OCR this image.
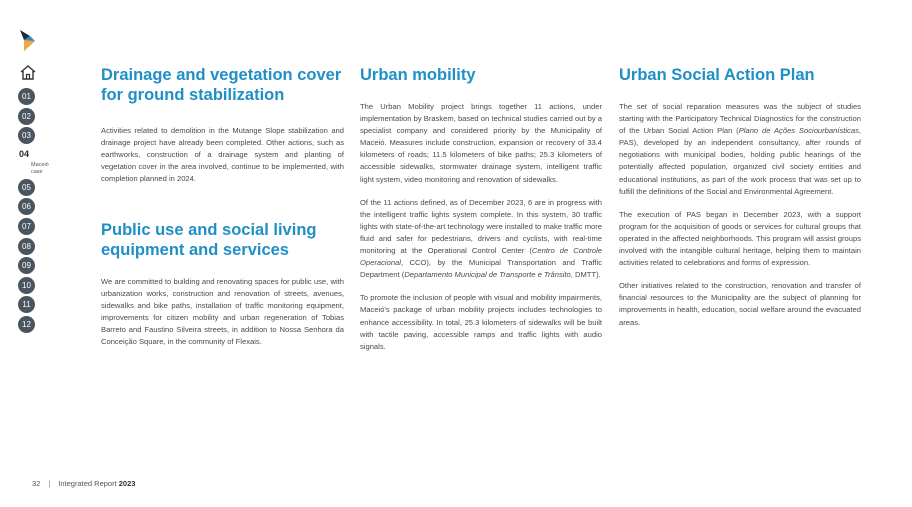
01
02
03
04
Maceió case
05
06
07
08
09
10
11
12
Drainage and vegetation cover for ground stabilization

Activities related to demolition in the Mutange Slope stabilization and drainage project have already been completed. Other actions, such as earthworks, construction of a drainage system and planting of vegetation cover in the area involved, continue to be implemented, with completion planned in 2024.

Public use and social living equipment and services

We are committed to building and renovating spaces for public use, with urbanization works, construction and renovation of streets, avenues, sidewalks and bike paths, installation of traffic monitoring equipment, improvements for citizen mobility and urban regeneration of Tobias Barreto and Faustino Silveira streets, in addition to Nossa Senhora da Conceição Square, in the community of Flexais.

Urban mobility

The Urban Mobility project brings together 11 actions, under implementation by Braskem, based on technical studies carried out by a specialist company and considered priority by the Municipality of Maceió. Measures include construction, expansion or recovery of 33.4 kilometers of roads; 11.5 kilometers of bike paths; 25.3 kilometers of accessible sidewalks, stormwater drainage system, intelligent traffic light system, video monitoring and renovation of sidewalks.

Of the 11 actions defined, as of December 2023, 6 are in progress with the intelligent traffic lights system complete. In this system, 30 traffic lights with state-of-the-art technology were installed to make traffic more fluid and safer for pedestrians, drivers and cyclists, with real-time monitoring at the Operational Control Center (Centro de Controle Operacional, CCO), by the Municipal Transportation and Traffic Department (Departamento Municipal de Transporte e Trânsito, DMTT).

To promote the inclusion of people with visual and mobility impairments, Maceió's package of urban mobility projects includes technologies to enhance accessibility. In total, 25.3 kilometers of sidewalks will be built with tactile paving, accessible ramps and traffic lights with audio signals.

Urban Social Action Plan

The set of social reparation measures was the subject of studies starting with the Participatory Technical Diagnostics for the construction of the Urban Social Action Plan (Plano de Ações Sociourbanísticas, PAS), developed by an independent consultancy, after rounds of negotiations with municipal bodies, holding public hearings of the potentially affected population, organized civil society entities and educational institutions, as part of the work process that was set up to fulfill the definitions of the Social and Environmental Agreement.

The execution of PAS began in December 2023, with a support program for the acquisition of goods or services for cultural groups that operated in the affected neighborhoods. This program will assist groups involved with the intangible cultural heritage, helping them to maintain activities related to celebrations and forms of expression.

Other initiatives related to the construction, renovation and transfer of financial resources to the Municipality are the subject of planning for improvements in health, education, social welfare around the evacuated areas.

32 | Integrated Report 2023
